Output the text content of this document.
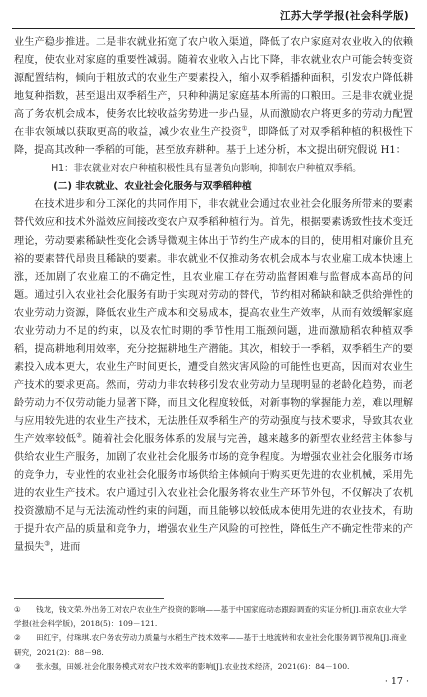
江苏大学学报(社会科学版)

业生产稳步推进。二是非农就业拓宽了农户收入渠道，降低了农户家庭对农业收入的依赖程度，使农业对家庭的重要性减弱。随着农业收入占比下降，非农就业农户可能会转变资源配置结构，倾向于粗放式的农业生产要素投入，缩小双季稻播种面积，引发农户降低耕地复种指数，甚至退出双季稻生产，只种种满足家庭基本所需的口粮田。三是非农就业提高了务农机会成本，使务农比较收益劣势进一步凸显，从而激励农户将更多的劳动力配置在非农领域以获取更高的收益，减少农业生产投资①，即降低了对双季稻种植的积极性下降，提高其改种一季稻的可能，甚至放弃耕种。基于上述分析，本文提出研究假说 H1：

H1：非农就业对农户种植积极性具有显著负向影响，抑制农户种植双季稻。

(二) 非农就业、农业社会化服务与双季稻种植

在技术进步和分工深化的共同作用下，非农就业会通过农业社会化服务所带来的要素替代效应和技术外溢效应间接改变农户双季稻种植行为。首先，根据要素诱致性技术变迁理论，劳动要素稀缺性变化会诱导微观主体出于节约生产成本的目的，使用相对廉价且充裕的要素替代昂贵且稀缺的要素。非农就业不仅推动务农机会成本与农业雇工成本快速上涨，还加剧了农业雇工的不确定性，且农业雇工存在劳动监督困难与监督成本高昂的问题。通过引入农业社会化服务有助于实现对劳动的替代，节约相对稀缺和缺乏供给弹性的农业劳动力资源，降低农业生产成本和交易成本，提高农业生产效率，从而有效缓解家庭农业劳动力不足的约束，以及农忙时期的季节性用工瓶颈问题，进而激励稻农种植双季稻，提高耕地利用效率，充分挖掘耕地生产潜能。其次，相较于一季稻，双季稻生产的要素投入成本更大，农业生产时间更长，遭受自然灾害风险的可能性也更高，因而对农业生产技术的要求更高。然而，劳动力非农转移引发农业劳动力呈现明显的老龄化趋势，而老龄劳动力不仅劳动能力显著下降，而且文化程度较低，对新事物的掌握能力差，难以理解与应用较先进的农业生产技术，无法胜任双季稻生产的劳动强度与技术要求，导致其农业生产效率较低②。随着社会化服务体系的发展与完善，越来越多的新型农业经营主体参与供给农业生产服务，加剧了农业社会化服务市场的竞争程度。为增强农业社会化服务市场的竞争力，专业性的农业社会化服务市场供给主体倾向于购买更先进的农业机械，采用先进的农业生产技术。农户通过引入农业社会化服务将农业生产环节外包，不仅解决了农机投资激励不足与无法流动性约束的问题，而且能够以较低成本使用先进的农业技术，有助于提升农产品的质量和竞争力，增强农业生产风险的可控性，降低生产不确定性带来的产量损失③，进而

① 钱龙，钱文荣.外出务工对农户农业生产投资的影响——基于中国家庭动态跟踪调查的实证分析[J].南京农业大学学报(社会科学版)，2018(5)：109－121.

② 田红宇，付珠琪.农户务农劳动力质量与水稻生产技术效率——基于土地流转和农业社会化服务调节视角[J].商业研究，2021(2)：88－98.

③ 张永强，田媛.社会化服务模式对农户技术效率的影响[J].农业技术经济，2021(6)：84－100.

· 17 ·
